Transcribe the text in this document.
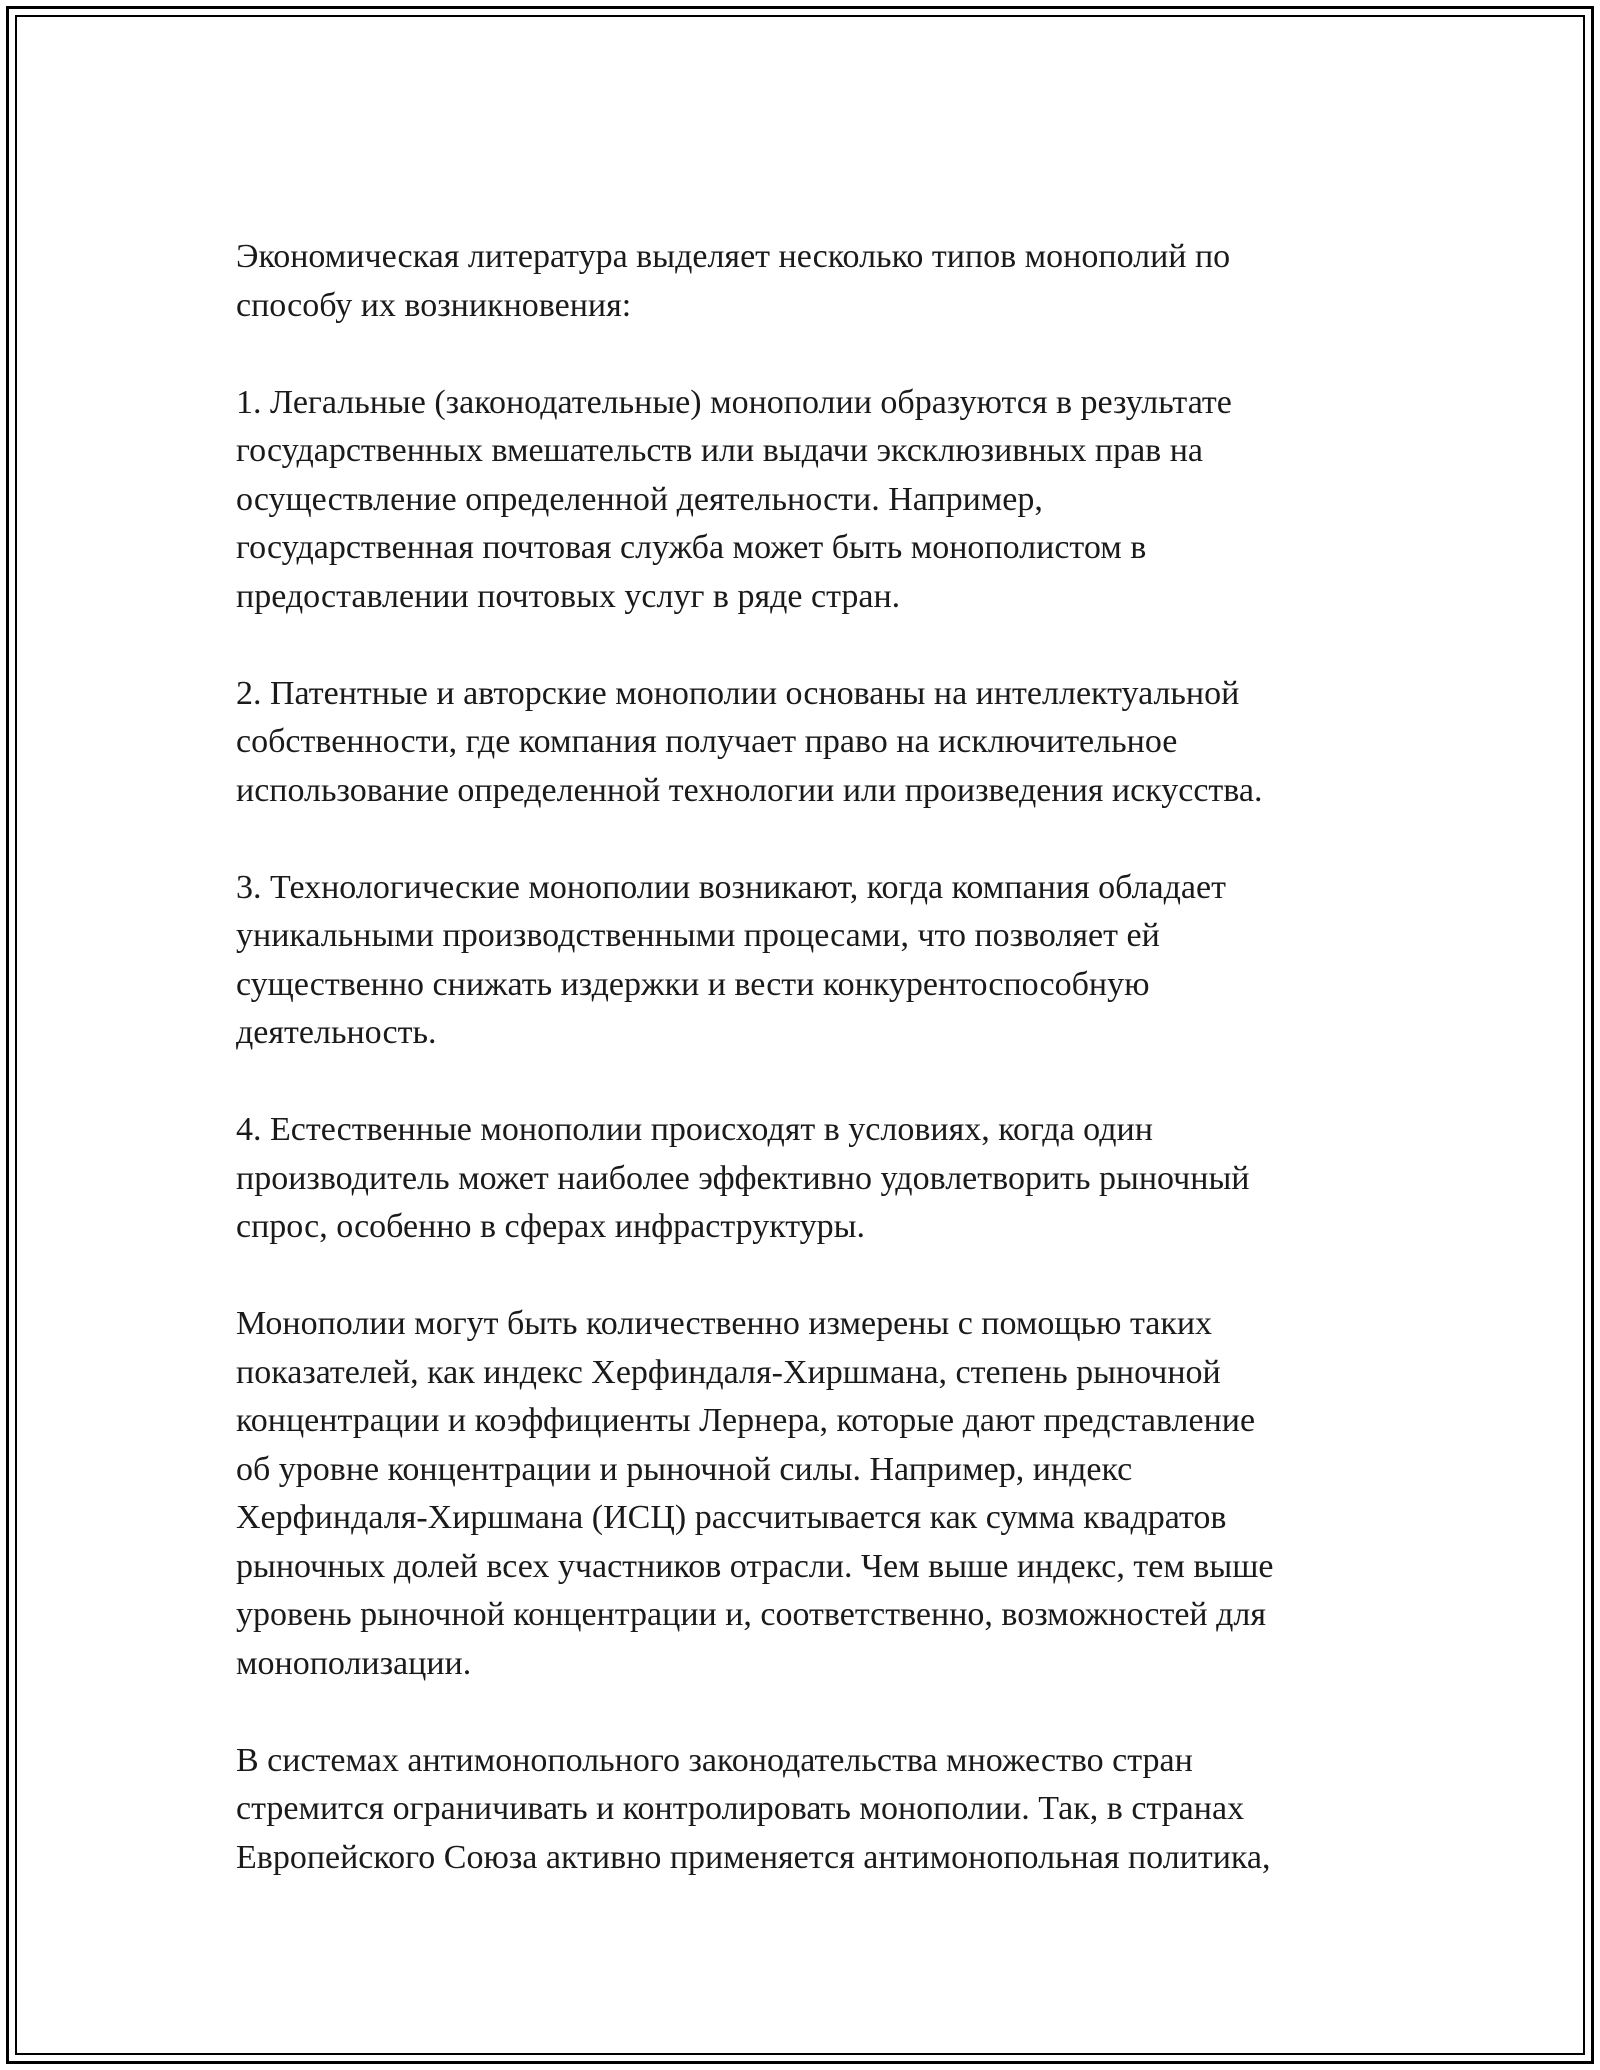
Экономическая литература выделяет несколько типов монополий по
способу их возникновения:

1. Легальные (законодательные) монополии образуются в результате
государственных вмешательств или выдачи эксклюзивных прав на
осуществление определенной деятельности. Например,
государственная почтовая служба может быть монополистом в
предоставлении почтовых услуг в ряде стран.

2. Патентные и авторские монополии основаны на интеллектуальной
собственности, где компания получает право на исключительное
использование определенной технологии или произведения искусства.

3. Технологические монополии возникают, когда компания обладает
уникальными производственными процесами, что позволяет ей
существенно снижать издержки и вести конкурентоспособную
деятельность.

4. Естественные монополии происходят в условиях, когда один
производитель может наиболее эффективно удовлетворить рыночный
спрос, особенно в сферах инфраструктуры.

Монополии могут быть количественно измерены с помощью таких
показателей, как индекс Херфиндаля-Хиршмана, степень рыночной
концентрации и коэффициенты Лернера, которые дают представление
об уровне концентрации и рыночной силы. Например, индекс
Херфиндаля-Хиршмана (ИСЦ) рассчитывается как сумма квадратов
рыночных долей всех участников отрасли. Чем выше индекс, тем выше
уровень рыночной концентрации и, соответственно, возможностей для
монополизации.

В системах антимонопольного законодательства множество стран
стремится ограничивать и контролировать монополии. Так, в странах
Европейского Союза активно применяется антимонопольная политика,
